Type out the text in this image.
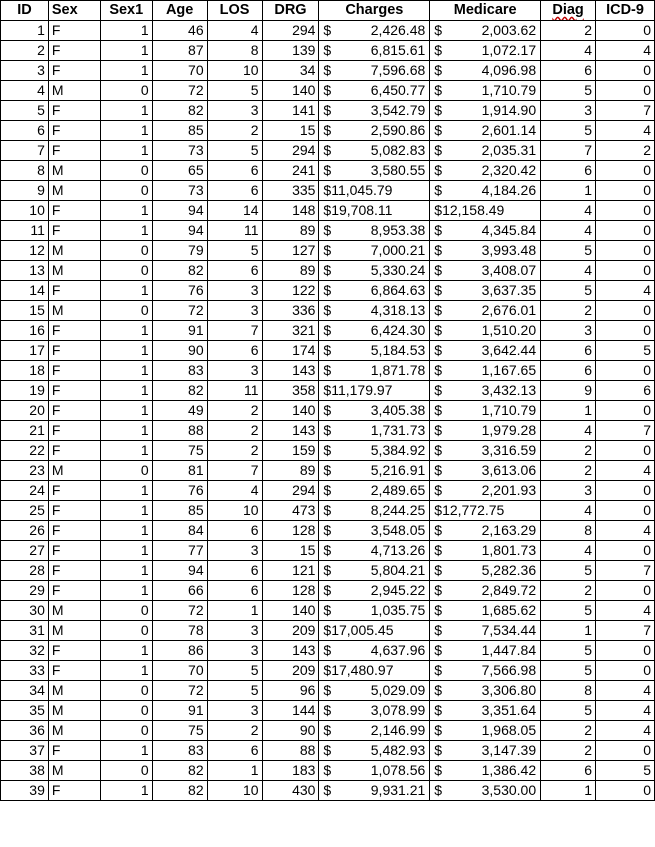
ID	Sex	Sex1	Age	LOS	DRG	Charges	Medicare	Diag	ICD-9
1	F	1	46	4	294	$ 2,426.48	$ 2,003.62	2	0
2	F	1	87	8	139	$ 6,815.61	$ 1,072.17	4	4
3	F	1	70	10	34	$ 7,596.68	$ 4,096.98	6	0
4	M	0	72	5	140	$ 6,450.77	$ 1,710.79	5	0
5	F	1	82	3	141	$ 3,542.79	$ 1,914.90	3	7
6	F	1	85	2	15	$ 2,590.86	$ 2,601.14	5	4
7	F	1	73	5	294	$ 5,082.83	$ 2,035.31	7	2
8	M	0	65	6	241	$ 3,580.55	$ 2,320.42	6	0
9	M	0	73	6	335	$ 11,045.79	$ 4,184.26	1	0
10	F	1	94	14	148	$ 19,708.11	$ 12,158.49	4	0
11	F	1	94	11	89	$ 8,953.38	$ 4,345.84	4	0
12	M	0	79	5	127	$ 7,000.21	$ 3,993.48	5	0
13	M	0	82	6	89	$ 5,330.24	$ 3,408.07	4	0
14	F	1	76	3	122	$ 6,864.63	$ 3,637.35	5	4
15	M	0	72	3	336	$ 4,318.13	$ 2,676.01	2	0
16	F	1	91	7	321	$ 6,424.30	$ 1,510.20	3	0
17	F	1	90	6	174	$ 5,184.53	$ 3,642.44	6	5
18	F	1	83	3	143	$ 1,871.78	$ 1,167.65	6	0
19	F	1	82	11	358	$ 11,179.97	$ 3,432.13	9	6
20	F	1	49	2	140	$ 3,405.38	$ 1,710.79	1	0
21	F	1	88	2	143	$ 1,731.73	$ 1,979.28	4	7
22	F	1	75	2	159	$ 5,384.92	$ 3,316.59	2	0
23	M	0	81	7	89	$ 5,216.91	$ 3,613.06	2	4
24	F	1	76	4	294	$ 2,489.65	$ 2,201.93	3	0
25	F	1	85	10	473	$ 8,244.25	$ 12,772.75	4	0
26	F	1	84	6	128	$ 3,548.05	$ 2,163.29	8	4
27	F	1	77	3	15	$ 4,713.26	$ 1,801.73	4	0
28	F	1	94	6	121	$ 5,804.21	$ 5,282.36	5	7
29	F	1	66	6	128	$ 2,945.22	$ 2,849.72	2	0
30	M	0	72	1	140	$ 1,035.75	$ 1,685.62	5	4
31	M	0	78	3	209	$ 17,005.45	$ 7,534.44	1	7
32	F	1	86	3	143	$ 4,637.96	$ 1,447.84	5	0
33	F	1	70	5	209	$ 17,480.97	$ 7,566.98	5	0
34	M	0	72	5	96	$ 5,029.09	$ 3,306.80	8	4
35	M	0	91	3	144	$ 3,078.99	$ 3,351.64	5	4
36	M	0	75	2	90	$ 2,146.99	$ 1,968.05	2	4
37	F	1	83	6	88	$ 5,482.93	$ 3,147.39	2	0
38	M	0	82	1	183	$ 1,078.56	$ 1,386.42	6	5
39	F	1	82	10	430	$ 9,931.21	$ 3,530.00	1	0
